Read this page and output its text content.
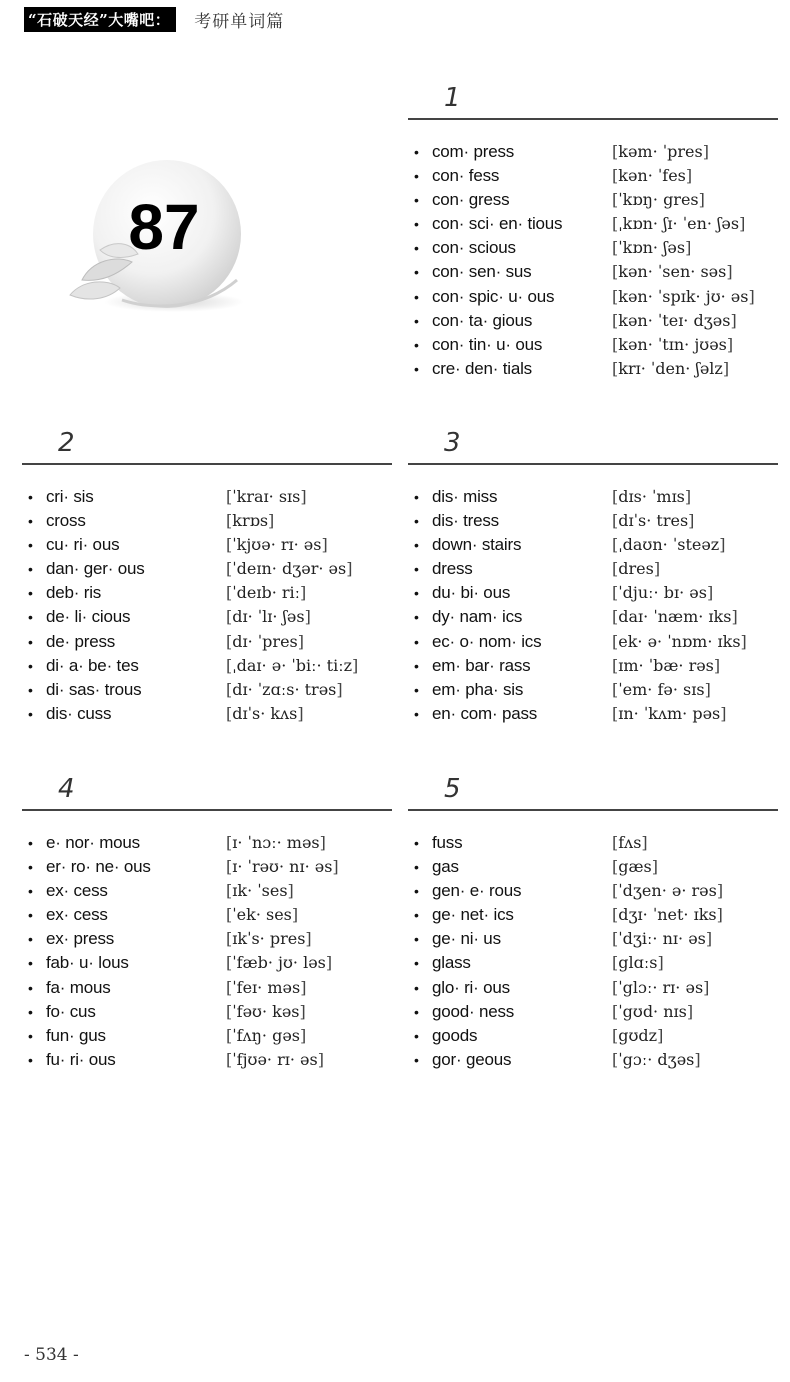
“石破天经”大嘴吧：	考研单词篇
87
1
• com· press	[kəm· ˈpres]
• con· fess	[kən· ˈfes]
• con· gress	[ˈkɒŋ· gres]
• con· sci· en· tious	[ˌkɒn· ʃɪ· ˈen· ʃəs]
• con· scious	[ˈkɒn· ʃəs]
• con· sen· sus	[kən· ˈsen· səs]
• con· spic· u· ous	[kən· ˈspɪk· jʊ· əs]
• con· ta· gious	[kən· ˈteɪ· dʒəs]
• con· tin· u· ous	[kən· ˈtɪn· jʊəs]
• cre· den· tials	[krɪ· ˈden· ʃəlz]
2
• cri· sis	[ˈkraɪ· sɪs]
• cross	[krɒs]
• cu· ri· ous	[ˈkjʊə· rɪ· əs]
• dan· ger· ous	[ˈdeɪn· dʒər· əs]
• deb· ris	[ˈdeɪb· riː]
• de· li· cious	[dɪ· ˈlɪ· ʃəs]
• de· press	[dɪ· ˈpres]
• di· a· be· tes	[ˌdaɪ· ə· ˈbiː· tiːz]
• di· sas· trous	[dɪ· ˈzɑːs· trəs]
• dis· cuss	[dɪˈs· kʌs]
3
• dis· miss	[dɪs· ˈmɪs]
• dis· tress	[dɪˈs· tres]
• down· stairs	[ˌdaʊn· ˈsteəz]
• dress	[dres]
• du· bi· ous	[ˈdjuː· bɪ· əs]
• dy· nam· ics	[daɪ· ˈnæm· ɪks]
• ec· o· nom· ics	[ek· ə· ˈnɒm· ɪks]
• em· bar· rass	[ɪm· ˈbæ· rəs]
• em· pha· sis	[ˈem· fə· sɪs]
• en· com· pass	[ɪn· ˈkʌm· pəs]
4
• e· nor· mous	[ɪ· ˈnɔː· məs]
• er· ro· ne· ous	[ɪ· ˈrəʊ· nɪ· əs]
• ex· cess	[ɪk· ˈses]
• ex· cess	[ˈek· ses]
• ex· press	[ɪkˈs· pres]
• fab· u· lous	[ˈfæb· jʊ· ləs]
• fa· mous	[ˈfeɪ· məs]
• fo· cus	[ˈfəʊ· kəs]
• fun· gus	[ˈfʌŋ· gəs]
• fu· ri· ous	[ˈfjʊə· rɪ· əs]
5
• fuss	[fʌs]
• gas	[gæs]
• gen· e· rous	[ˈdʒen· ə· rəs]
• ge· net· ics	[dʒɪ· ˈnet· ɪks]
• ge· ni· us	[ˈdʒiː· nɪ· əs]
• glass	[glɑːs]
• glo· ri· ous	[ˈglɔː· rɪ· əs]
• good· ness	[ˈgʊd· nɪs]
• goods	[gʊdz]
• gor· geous	[ˈgɔː· dʒəs]
- 534 -
